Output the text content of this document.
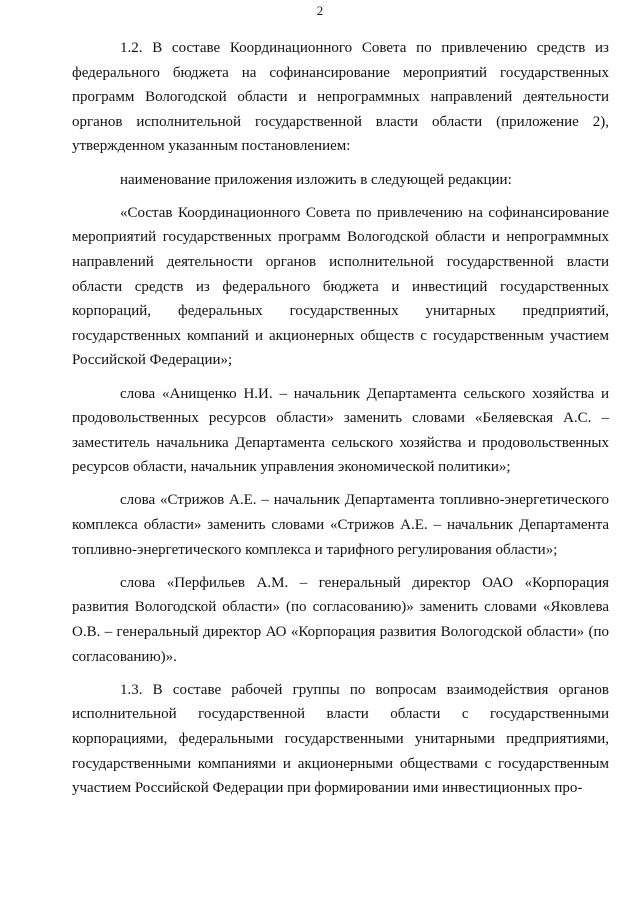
2

1.2. В составе Координационного Совета по привлечению средств из федерального бюджета на софинансирование мероприятий государственных программ Вологодской области и непрограммных направлений деятельности органов исполнительной государственной власти области (приложение 2), утвержденном указанным постановлением:

наименование приложения изложить в следующей редакции:

«Состав Координационного Совета по привлечению на софинансирование мероприятий государственных программ Вологодской области и непрограммных направлений деятельности органов исполнительной государственной власти области средств из федерального бюджета и инвестиций государственных корпораций, федеральных государственных унитарных предприятий, государственных компаний и акционерных обществ с государственным участием Российской Федерации»;

слова «Анищенко Н.И. – начальник Департамента сельского хозяйства и продовольственных ресурсов области» заменить словами «Беляевская А.С. – заместитель начальника Департамента сельского хозяйства и продовольственных ресурсов области, начальник управления экономической политики»;

слова «Стрижов А.Е. – начальник Департамента топливно-энергетического комплекса области» заменить словами «Стрижов А.Е. – начальник Департамента топливно-энергетического комплекса и тарифного регулирования области»;

слова «Перфильев А.М. – генеральный директор ОАО «Корпорация развития Вологодской области» (по согласованию)» заменить словами «Яковлева О.В. – генеральный директор АО «Корпорация развития Вологодской области» (по согласованию)».

1.3. В составе рабочей группы по вопросам взаимодействия органов исполнительной государственной власти области с государственными корпорациями, федеральными государственными унитарными предприятиями, государственными компаниями и акционерными обществами с государственным участием Российской Федерации при формировании ими инвестиционных про-
